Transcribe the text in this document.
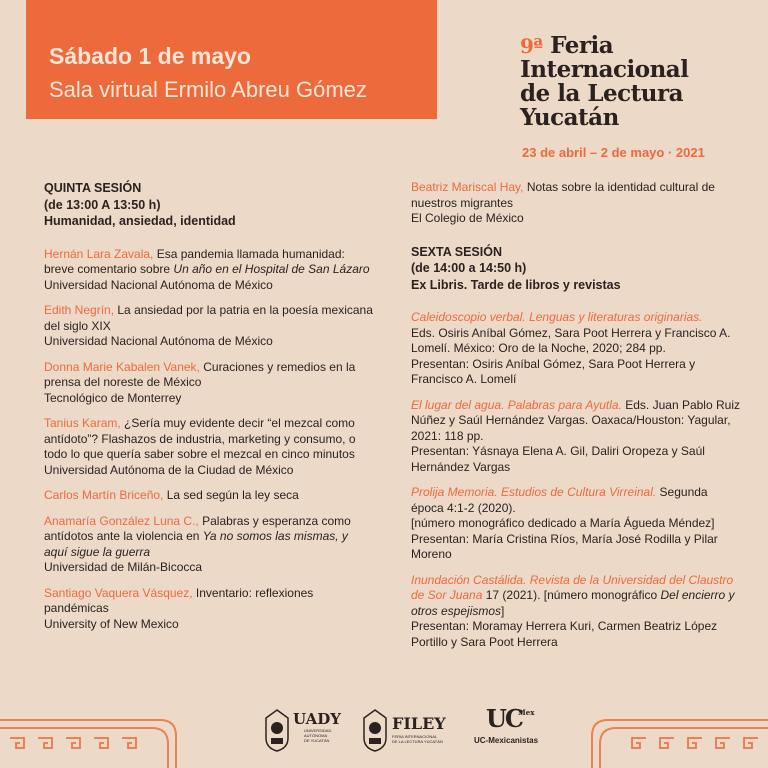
Sábado 1 de mayo
Sala virtual Ermilo Abreu Gómez
9ª Feria
Internacional
de la Lectura
Yucatán
23 de abril – 2 de mayo · 2021
QUINTA SESIÓN
(de 13:00 A 13:50 h)
Humanidad, ansiedad, identidad
Hernán Lara Zavala, Esa pandemia llamada humanidad: breve comentario sobre Un año en el Hospital de San Lázaro
Universidad Nacional Autónoma de México
Edith Negrín, La ansiedad por la patria en la poesía mexicana del siglo XIX
Universidad Nacional Autónoma de México
Donna Marie Kabalen Vanek, Curaciones y remedios en la prensa del noreste de México
Tecnológico de Monterrey
Tanius Karam, ¿Sería muy evidente decir “el mezcal como antídoto”? Flashazos de industria, marketing y consumo, o todo lo que quería saber sobre el mezcal en cinco minutos
Universidad Autónoma de la Ciudad de México
Carlos Martín Briceño, La sed según la ley seca
Anamaría González Luna C., Palabras y esperanza como antídotos ante la violencia en Ya no somos las mismas, y aquí sigue la guerra
Universidad de Milán-Bicocca
Santiago Vaquera Vásquez, Inventario: reflexiones pandémicas
University of New Mexico
Beatriz Mariscal Hay, Notas sobre la identidad cultural de nuestros migrantes
El Colegio de México
SEXTA SESIÓN
(de 14:00 a 14:50 h)
Ex Libris. Tarde de libros y revistas
Caleidoscopio verbal. Lenguas y literaturas originarias.
Eds. Osiris Aníbal Gómez, Sara Poot Herrera y Francisco A. Lomelí. México: Oro de la Noche, 2020; 284 pp.
Presentan: Osiris Aníbal Gómez, Sara Poot Herrera y Francisco A. Lomelí
El lugar del agua. Palabras para Ayutla. Eds. Juan Pablo Ruiz Núñez y Saúl Hernández Vargas. Oaxaca/Houston: Yagular, 2021: 118 pp.
Presentan: Yásnaya Elena A. Gil, Daliri Oropeza y Saúl Hernández Vargas
Prolija Memoria. Estudios de Cultura Virreinal. Segunda época 4:1-2 (2020).
[número monográfico dedicado a María Águeda Méndez]
Presentan: María Cristina Ríos, María José Rodilla y Pilar Moreno
Inundación Castálida. Revista de la Universidad del Claustro de Sor Juana 17 (2021). [número monográfico Del encierro y otros espejismos]
Presentan: Moramay Herrera Kuri, Carmen Beatriz López Portillo y Sara Poot Herrera
UADY
UNIVERSIDAD
AUTÓNOMA
DE YUCATÁN
FILEY
FERIA INTERNACIONAL
DE LA LECTURA YUCATÁN
UC
Mex
UC-Mexicanistas
